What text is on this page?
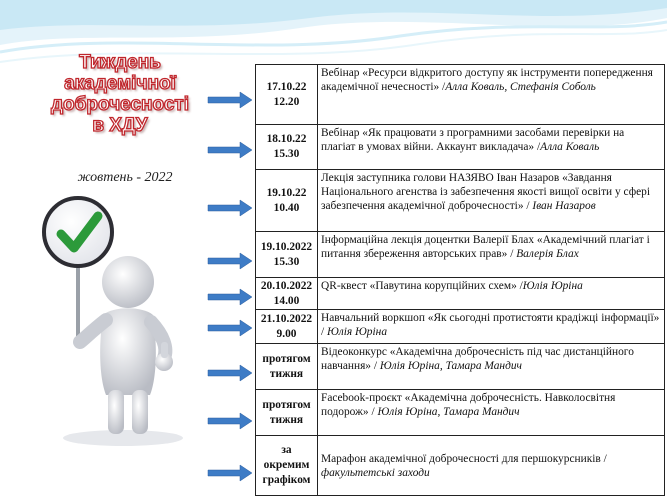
Тиждень
академічної
доброчесності
в ХДУ
жовтень - 2022
17.10.22
12.20	Вебінар «Ресурси відкритого доступу як інструменти попередження академічної нечесності» /Алла Коваль, Стефанія Соболь

18.10.22
15.30	Вебінар «Як працювати з програмними засобами перевірки на плагіат в умовах війни. Аккаунт викладача» /Алла Коваль

19.10.22
10.40	Лекція заступника голови НАЗЯВО Іван Назаров «Завдання Національного агенства із забезпечення якості вищої освіти у сфері забезпечення академічної доброчесності» / Іван Назаров

19.10.2022
15.30	Інформаційна лекція доцентки Валерії Блах «Академічний плагіат і питання збереження авторських прав» / Валерія Блах

20.10.2022
14.00	QR-квест «Павутина корупційних схем» /Юлія Юріна

21.10.2022
9.00	Навчальний воркшоп «Як сьогодні протистояти крадіжці інформації» / Юлія Юріна

протягом
тижня	Відеоконкурс «Академічна доброчесність під час дистанційного навчання» / Юлія Юріна, Тамара Мандич

протягом
тижня	Facebook-проєкт «Академічна доброчесність. Навколосвітня подорож» / Юлія Юріна, Тамара Мандич

за
окремим
графіком	Марафон академічної доброчесності для першокурсників /факультетські заходи
